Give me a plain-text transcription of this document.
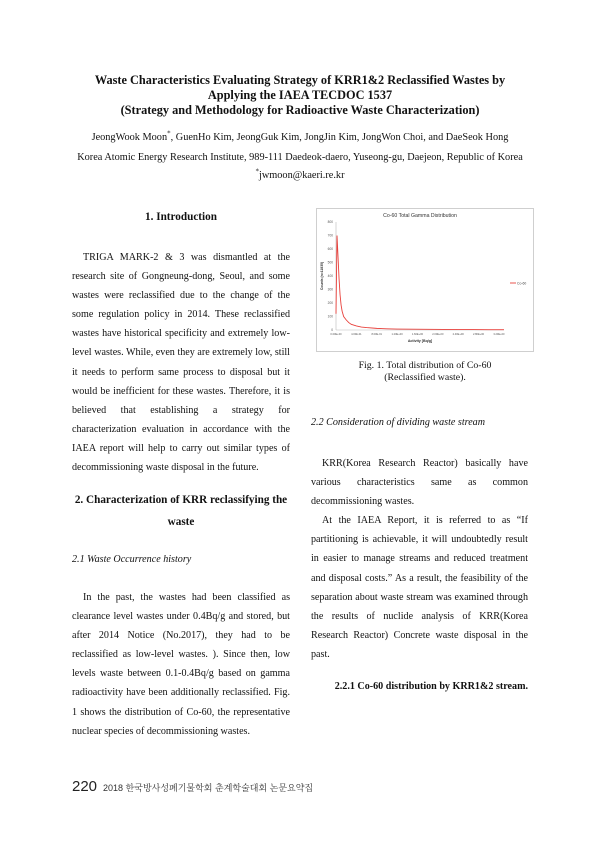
Waste Characteristics Evaluating Strategy of KRR1&2 Reclassified Wastes by
Applying the IAEA TECDOC 1537
(Strategy and Methodology for Radioactive Waste Characterization)
JeongWook Moon*, GuenHo Kim, JeongGuk Kim, JongJin Kim, JongWon Choi, and DaeSeok Hong
Korea Atomic Energy Research Institute, 989-111 Daedeok-daero, Yuseong-gu, Daejeon, Republic of Korea
*jwmoon@kaeri.re.kr
1. Introduction

TRIGA MARK-2 & 3 was dismantled at the research site of Gongneung-dong, Seoul, and some wastes were reclassified due to the change of the some regulation policy in 2014. These reclassified wastes have historical specificity and extremely low-level wastes. While, even they are extremely low, still it needs to perform same process to disposal but it would be inefficient for these wastes. Therefore, it is believed that establishing a strategy for characterization evaluation in accordance with the IAEA report will help to carry out similar types of decommissioning waste disposal in the future.

2. Characterization of KRR reclassifying the
waste
2.1 Waste Occurrence history

In the past, the wastes had been classified as clearance level wastes under 0.4Bq/g and stored, but after 2014 Notice (No.2017), they had to be reclassified as low-level wastes. ). Since then, low levels waste between 0.1-0.4Bq/g based on gamma radioactivity have been additionally reclassified. Fig. 1 shows the distribution of Co-60, the representative nuclear species of decommissioning wastes.

Co-60 Total Gamma Distribution
0
100
200
300
400
500
600
700
800
0.00E+00	4.00E-01	8.00E-01	1.20E+00	1.60E+00	2.00E+00	2.40E+00	2.80E+00	3.20E+00
Activity [Bq/g]
Counts (n=11835)	Co-60
Fig. 1. Total distribution of Co-60
(Reclassified waste).
2.2 Consideration of dividing waste stream

KRR(Korea Research Reactor) basically have various characteristics same as common decommissioning wastes.

At the IAEA Report, it is referred to as “If partitioning is achievable, it will undoubtedly result in easier to manage streams and reduced treatment and disposal costs.” As a result, the feasibility of the separation about waste stream was examined through the results of nuclide analysis of KRR(Korea Research Reactor) Concrete waste disposal in the past.

2.2.1 Co-60 distribution by KRR1&2 stream.
220 2018 한국방사성폐기물학회 춘계학술대회 논문요약집
